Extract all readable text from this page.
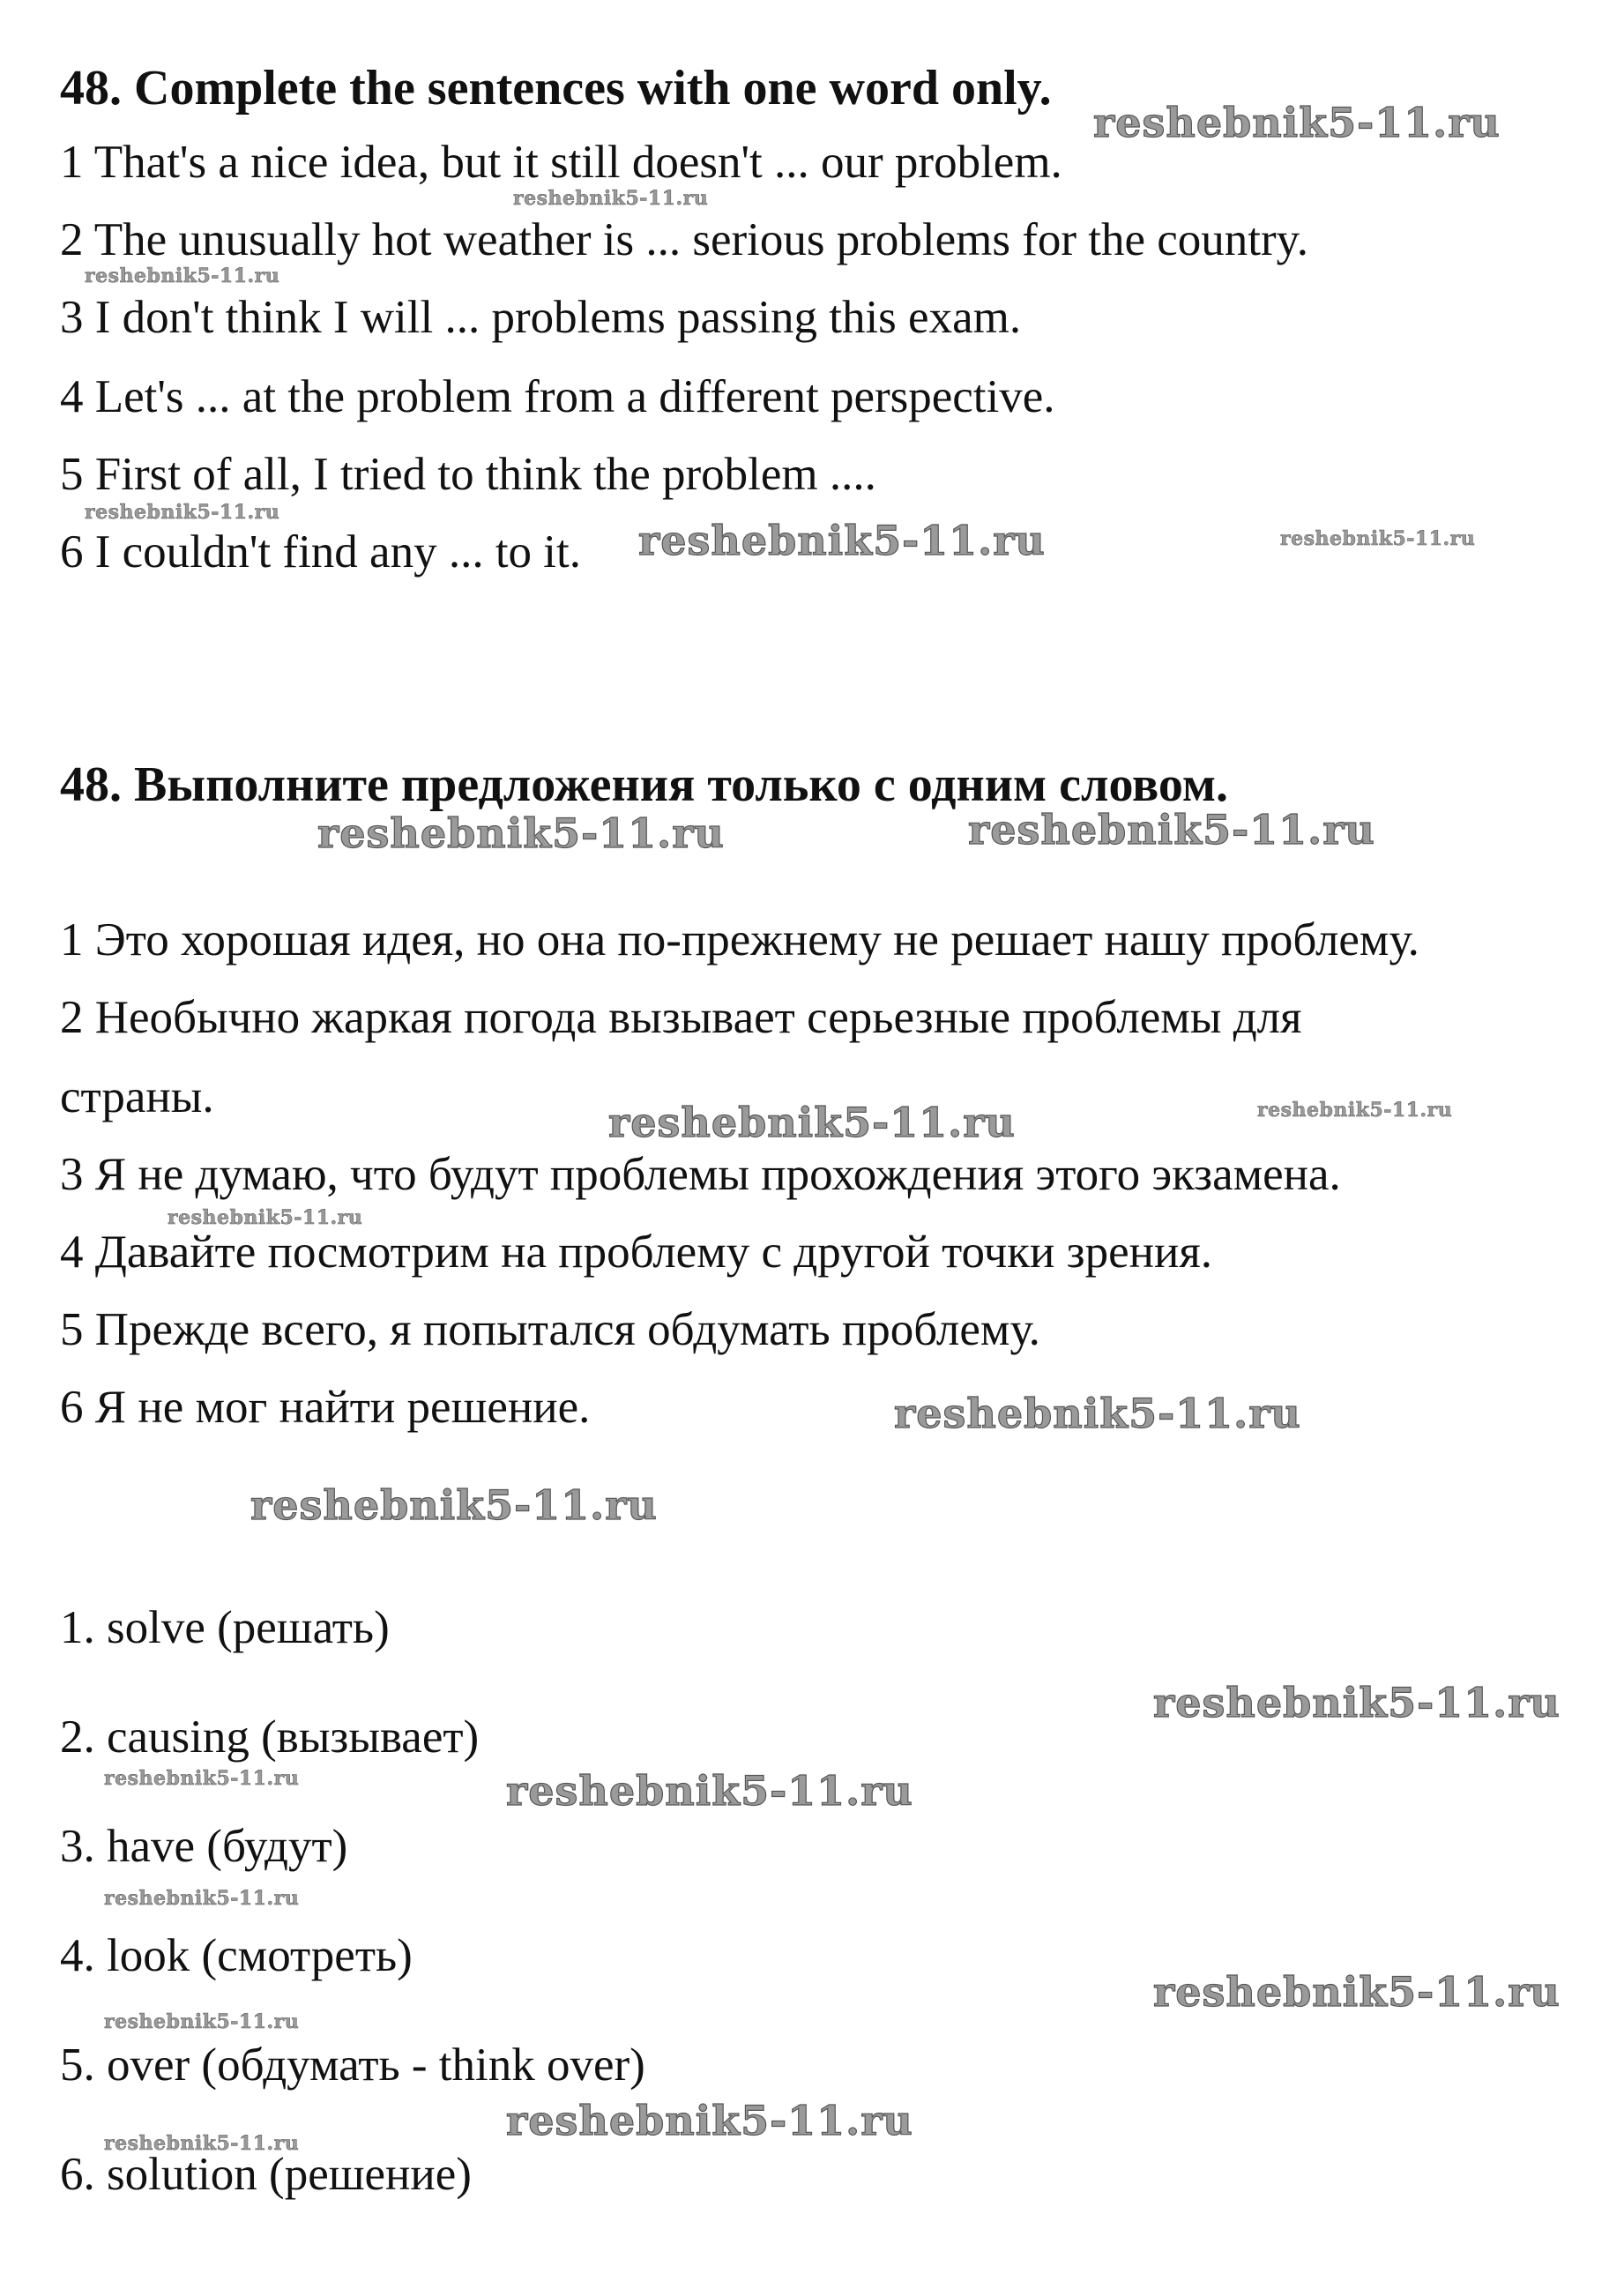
48. Complete the sentences with one word only.
1 That's a nice idea, but it still doesn't ... our problem.
2 The unusually hot weather is ... serious problems for the country.
3 I don't think I will ... problems passing this exam.
4 Let's ... at the problem from a different perspective.
5 First of all, I tried to think the problem ....
6 I couldn't find any ... to it.
48. Выполните предложения только с одним словом.
1 Это хорошая идея, но она по-прежнему не решает нашу проблему.
2 Необычно жаркая погода вызывает серьезные проблемы для
страны.
3 Я не думаю, что будут проблемы прохождения этого экзамена.
4 Давайте посмотрим на проблему с другой точки зрения.
5 Прежде всего, я попытался обдумать проблему.
6 Я не мог найти решение.
1. solve (решать)
2. causing (вызывает)
3. have (будут)
4. look (смотреть)
5. over (обдумать - think over)
6. solution (решение)
reshebnik5-11.ru
reshebnik5-11.ru
reshebnik5-11.ru
reshebnik5-11.ru
reshebnik5-11.ru	reshebnik5-11.ru
reshebnik5-11.ru	reshebnik5-11.ru
reshebnik5-11.ru	reshebnik5-11.ru
reshebnik5-11.ru
reshebnik5-11.ru
reshebnik5-11.ru
reshebnik5-11.ru
reshebnik5-11.ru	reshebnik5-11.ru
reshebnik5-11.ru
reshebnik5-11.ru
reshebnik5-11.ru
reshebnik5-11.ru	reshebnik5-11.ru
